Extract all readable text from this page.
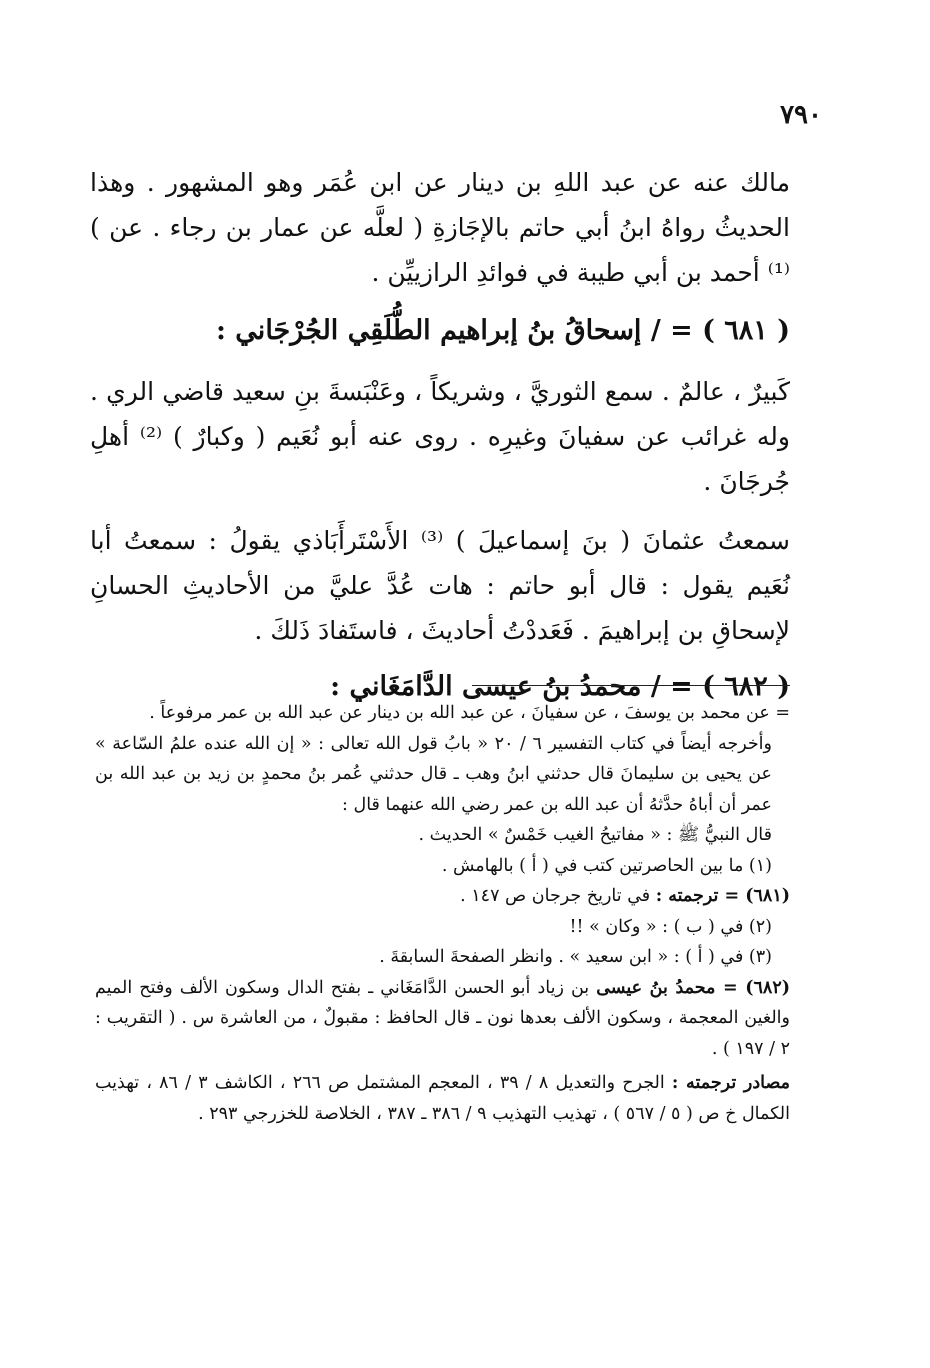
٧٩٠

مالك عنه عن عبد اللهِ بن دينار عن ابن عُمَر وهو المشهور . وهذا الحديثُ رواهُ ابنُ أبي حاتم بالإجَازةِ ( لعلَّه عن عمار بن رجاء . عن ) ⁽¹⁾ أحمد بن أبي طيبة في فوائدِ الرازييِّن .

( ٦٨١ ) = / إسحاقُ بنُ إبراهيم الطُّلَقِي الجُرْجَاني :

كَبيرٌ ، عالمٌ . سمع الثوريَّ ، وشريكاً ، وعَنْبَسةَ بنِ سعيد قاضي الري . وله غرائب عن سفيانَ وغيرِه . روى عنه أبو نُعَيم ( وكبارٌ ) ⁽²⁾ أهلِ جُرجَانَ .

سمعتُ عثمانَ ( بنَ إسماعيلَ ) ⁽³⁾ الأَسْتَرأَبَاذي يقولُ : سمعتُ أبا نُعَيم يقول : قال أبو حاتم : هات عُدَّ عليَّ من الأحاديثِ الحسانِ لإسحاقِ بن إبراهيمَ . فَعَددْتُ أحاديثَ ، فاستَفادَ ذَلكَ .

( ٦٨٢ ) = / محمدُ بنُ عيسى الدَّامَغَاني :

= عن محمد بن يوسفَ ، عن سفيانَ ، عن عبد الله بن دينار عن عبد الله بن عمر مرفوعاً .

وأخرجه أيضاً في كتاب التفسير ٦ / ٢٠ « بابُ قول الله تعالى : « إن الله عنده علمُ السّاعة » عن يحيى بن سليمانَ قال حدثني ابنُ وهب ـ قال حدثني عُمر بنُ محمدٍ بن زيد بن عبد الله بن عمر أن أباهُ حدَّثهُ أن عبد الله بن عمر رضي الله عنهما قال :

قال النبيُّ ﷺ : « مفاتيحُ الغيب خَمْسٌ » الحديث .

(١) ما بين الحاصرتين كتب في ( أ ) بالهامش .

(٦٨١) = ترجمته : في تاريخ جرجان ص ١٤٧ .

(٢) في ( ب ) : « وكان » !!

(٣) في ( أ ) : « ابن سعيد » . وانظر الصفحةَ السابقةَ .

(٦٨٢) = محمدُ بنُ عيسى بن زياد أبو الحسن الدَّامَغَاني ـ بفتح الدال وسكون الألف وفتح الميم والغين المعجمة ، وسكون الألف بعدها نون ـ قال الحافظ : مقبولٌ ، من العاشرة س . ( التقريب : ٢ / ١٩٧ ) .

مصادر ترجمته : الجرح والتعديل ٨ / ٣٩ ، المعجم المشتمل ص ٢٦٦ ، الكاشف ٣ / ٨٦ ، تهذيب الكمال خ ص ( ٥ / ٥٦٧ ) ، تهذيب التهذيب ٩ / ٣٨٦ ـ ٣٨٧ ، الخلاصة للخزرجي ٢٩٣ .
